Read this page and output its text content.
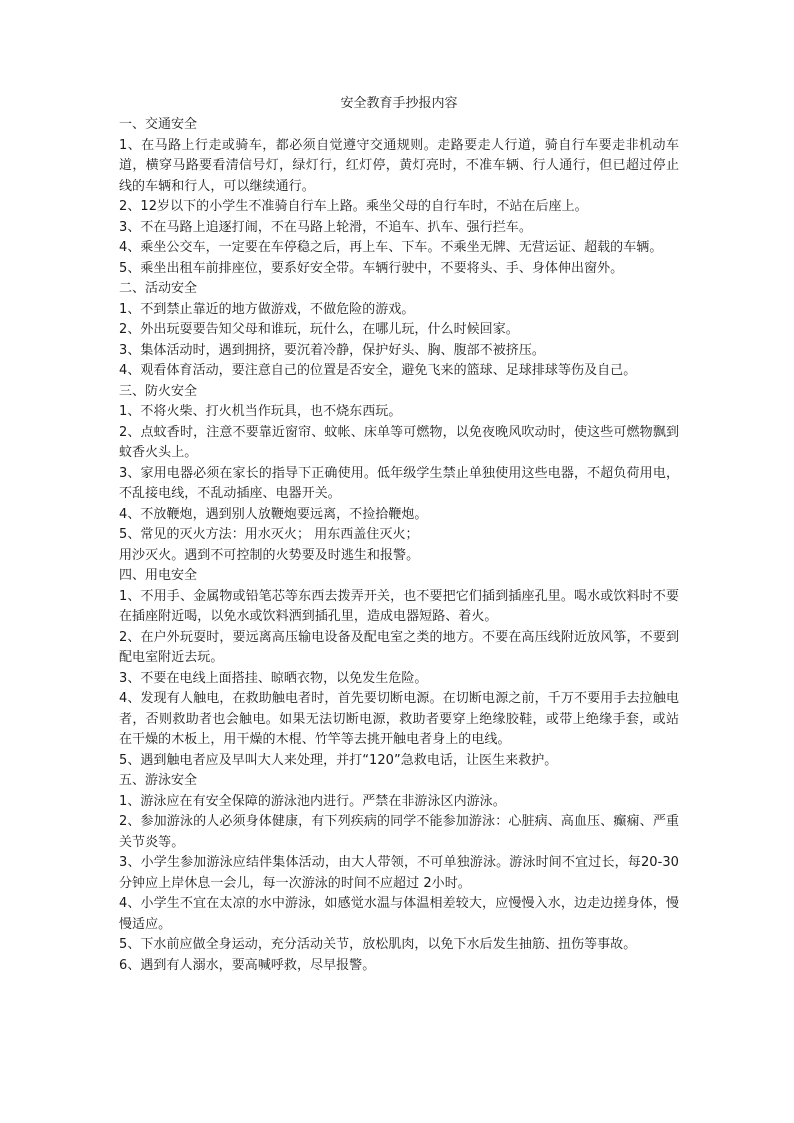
安全教育手抄报内容
一、交通安全
1、在马路上行走或骑车，都必须自觉遵守交通规则。走路要走人行道，骑自行车要走非机动车道，横穿马路要看清信号灯，绿灯行，红灯停，黄灯亮时，不准车辆、行人通行，但已超过停止线的车辆和行人，可以继续通行。
2、12岁以下的小学生不准骑自行车上路。乘坐父母的自行车时，不站在后座上。
3、不在马路上追逐打闹，不在马路上轮滑，不追车、扒车、强行拦车。
4、乘坐公交车，一定要在车停稳之后，再上车、下车。不乘坐无牌、无营运证、超载的车辆。
5、乘坐出租车前排座位，要系好安全带。车辆行驶中，不要将头、手、身体伸出窗外。
二、活动安全
1、不到禁止靠近的地方做游戏，不做危险的游戏。
2、外出玩耍要告知父母和谁玩，玩什么，在哪儿玩，什么时候回家。
3、集体活动时，遇到拥挤，要沉着冷静，保护好头、胸、腹部不被挤压。
4、观看体育活动，要注意自己的位置是否安全，避免飞来的篮球、足球排球等伤及自己。
三、防火安全
1、不将火柴、打火机当作玩具，也不烧东西玩。
2、点蚊香时，注意不要靠近窗帘、蚊帐、床单等可燃物，以免夜晚风吹动时，使这些可燃物飘到蚊香火头上。
3、家用电器必须在家长的指导下正确使用。低年级学生禁止单独使用这些电器，不超负荷用电，不乱接电线，不乱动插座、电器开关。
4、不放鞭炮，遇到别人放鞭炮要远离，不捡拾鞭炮。
5、常见的灭火方法：用水灭火； 用东西盖住灭火；
用沙灭火。遇到不可控制的火势要及时逃生和报警。
四、用电安全
1、不用手、金属物或铅笔芯等东西去拨弄开关，也不要把它们插到插座孔里。喝水或饮料时不要在插座附近喝，以免水或饮料洒到插孔里，造成电器短路、着火。
2、在户外玩耍时，要远离高压输电设备及配电室之类的地方。不要在高压线附近放风筝，不要到配电室附近去玩。
3、不要在电线上面搭挂、晾晒衣物，以免发生危险。
4、发现有人触电，在救助触电者时，首先要切断电源。在切断电源之前，千万不要用手去拉触电者，否则救助者也会触电。如果无法切断电源，救助者要穿上绝缘胶鞋，或带上绝缘手套，或站在干燥的木板上，用干燥的木棍、竹竿等去挑开触电者身上的电线。
5、遇到触电者应及早叫大人来处理，并打“120”急救电话，让医生来救护。
五、游泳安全
1、游泳应在有安全保障的游泳池内进行。严禁在非游泳区内游泳。
2、参加游泳的人必须身体健康，有下列疾病的同学不能参加游泳：心脏病、高血压、癫痫、严重关节炎等。
3、小学生参加游泳应结伴集体活动，由大人带领，不可单独游泳。游泳时间不宜过长，每20-30分钟应上岸休息一会儿，每一次游泳的时间不应超过 2小时。
4、小学生不宜在太凉的水中游泳，如感觉水温与体温相差较大，应慢慢入水，边走边搓身体，慢慢适应。
5、下水前应做全身运动，充分活动关节，放松肌肉，以免下水后发生抽筋、扭伤等事故。
6、遇到有人溺水，要高喊呼救，尽早报警。
